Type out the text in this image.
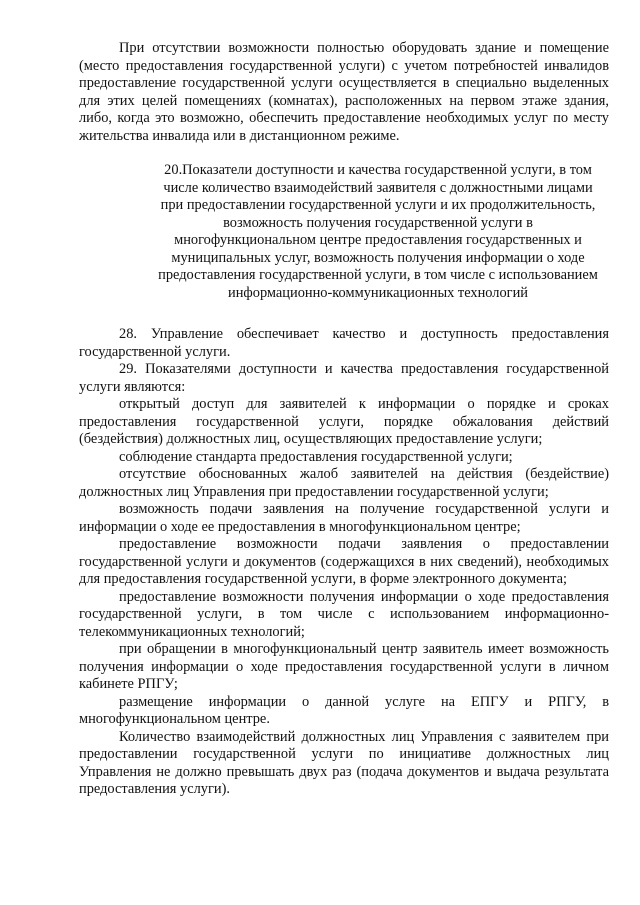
При отсутствии возможности полностью оборудовать здание и помещение (место предоставления государственной услуги) с учетом потребностей инвалидов предоставление государственной услуги осуществляется в специально выделенных для этих целей помещениях (комнатах), расположенных на первом этаже здания, либо, когда это возможно, обеспечить предоставление необходимых услуг по месту жительства инвалида или в дистанционном режиме.

20.Показатели доступности и качества государственной услуги, в том числе количество взаимодействий заявителя с должностными лицами при предоставлении государственной услуги и их продолжительность, возможность получения государственной услуги в многофункциональном центре предоставления государственных и муниципальных услуг, возможность получения информации о ходе предоставления государственной услуги, в том числе с использованием информационно-коммуникационных технологий

28. Управление обеспечивает качество и доступность предоставления государственной услуги.

29. Показателями доступности и качества предоставления государственной услуги являются:

открытый доступ для заявителей к информации о порядке и сроках предоставления государственной услуги, порядке обжалования действий (бездействия) должностных лиц, осуществляющих предоставление услуги;

соблюдение стандарта предоставления государственной услуги;

отсутствие обоснованных жалоб заявителей на действия (бездействие) должностных лиц Управления при предоставлении государственной услуги;

возможность подачи заявления на получение государственной услуги и информации о ходе ее предоставления в многофункциональном центре;

предоставление возможности подачи заявления о предоставлении государственной услуги и документов (содержащихся в них сведений), необходимых для предоставления государственной услуги, в форме электронного документа;

предоставление возможности получения информации о ходе предоставления государственной услуги, в том числе с использованием информационно-телекоммуникационных технологий;

при обращении в многофункциональный центр заявитель имеет возможность получения информации о ходе предоставления государственной услуги в личном кабинете РПГУ;

размещение информации о данной услуге на ЕПГУ и РПГУ, в многофункциональном центре.

Количество взаимодействий должностных лиц Управления с заявителем при предоставлении государственной услуги по инициативе должностных лиц Управления не должно превышать двух раз (подача документов и выдача результата предоставления услуги).
